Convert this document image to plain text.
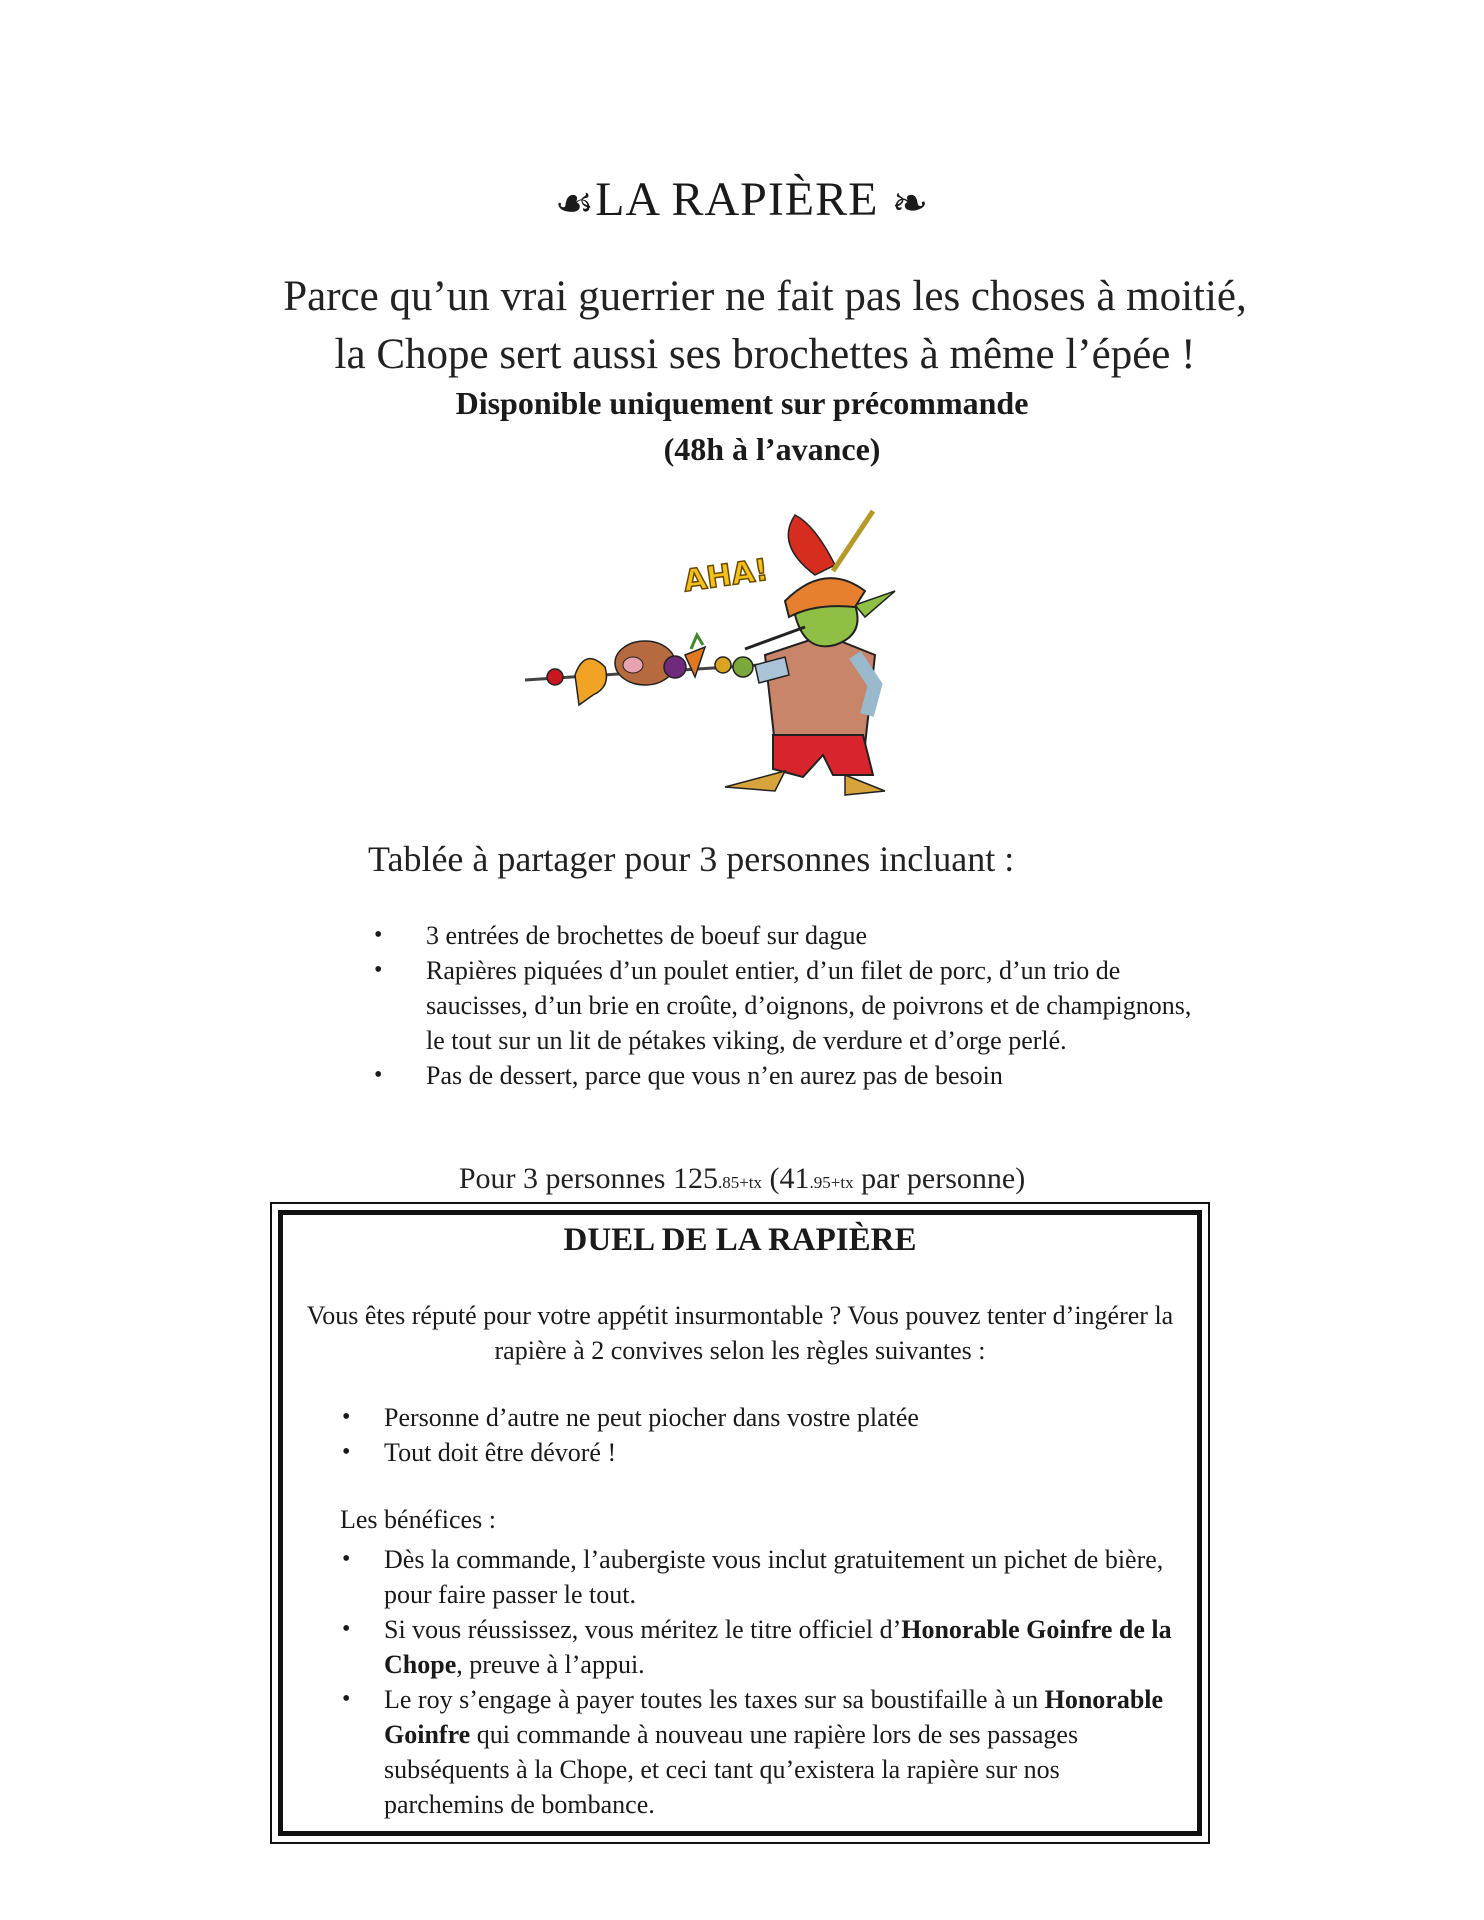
☙LA RAPIÈRE ❧
Parce qu’un vrai guerrier ne fait pas les choses à moitié,
la Chope sert aussi ses brochettes à même l’épée !
Disponible uniquement sur précommande
(48h à l’avance)
AHA!
Tablée à partager pour 3 personnes incluant :
• 3 entrées de brochettes de boeuf sur dague
• Rapières piquées d’un poulet entier, d’un filet de porc, d’un trio de saucisses, d’un brie en croûte, d’oignons, de poivrons et de champignons, le tout sur un lit de pétakes viking, de verdure et d’orge perlé.
• Pas de dessert, parce que vous n’en aurez pas de besoin
Pour 3 personnes 125.85+tx (41.95+tx par personne)
DUEL DE LA RAPIÈRE
Vous êtes réputé pour votre appétit insurmontable ? Vous pouvez tenter d’ingérer la rapière à 2 convives selon les règles suivantes :
• Personne d’autre ne peut piocher dans vostre platée
• Tout doit être dévoré !
Les bénéfices :
• Dès la commande, l’aubergiste vous inclut gratuitement un pichet de bière, pour faire passer le tout.
• Si vous réussissez, vous méritez le titre officiel d’Honorable Goinfre de la Chope, preuve à l’appui.
• Le roy s’engage à payer toutes les taxes sur sa boustifaille à un Honorable Goinfre qui commande à nouveau une rapière lors de ses passages subséquents à la Chope, et ceci tant qu’existera la rapière sur nos parchemins de bombance.
